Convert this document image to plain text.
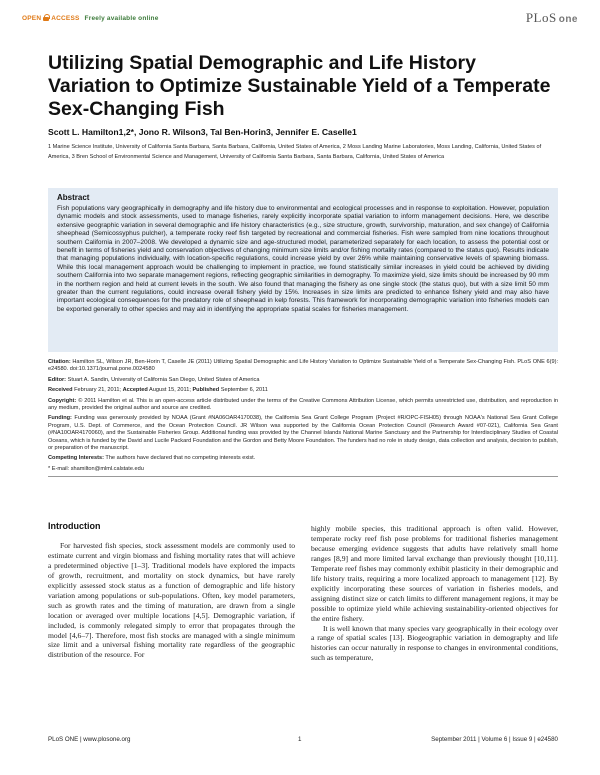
OPEN ACCESS Freely available online	PLoS one
Utilizing Spatial Demographic and Life History Variation to Optimize Sustainable Yield of a Temperate Sex-Changing Fish
Scott L. Hamilton1,2*, Jono R. Wilson3, Tal Ben-Horin3, Jennifer E. Caselle1
1 Marine Science Institute, University of California Santa Barbara, Santa Barbara, California, United States of America, 2 Moss Landing Marine Laboratories, Moss Landing, California, United States of America, 3 Bren School of Environmental Science and Management, University of California Santa Barbara, Santa Barbara, California, United States of America
Abstract

Fish populations vary geographically in demography and life history due to environmental and ecological processes and in response to exploitation. However, population dynamic models and stock assessments, used to manage fisheries, rarely explicitly incorporate spatial variation to inform management decisions. Here, we describe extensive geographic variation in several demographic and life history characteristics (e.g., size structure, growth, survivorship, maturation, and sex change) of California sheephead (Semicossyphus pulcher), a temperate rocky reef fish targeted by recreational and commercial fisheries. Fish were sampled from nine locations throughout southern California in 2007–2008. We developed a dynamic size and age-structured model, parameterized separately for each location, to assess the potential cost or benefit in terms of fisheries yield and conservation objectives of changing minimum size limits and/or fishing mortality rates (compared to the status quo). Results indicate that managing populations individually, with location-specific regulations, could increase yield by over 26% while maintaining conservative levels of spawning biomass. While this local management approach would be challenging to implement in practice, we found statistically similar increases in yield could be achieved by dividing southern California into two separate management regions, reflecting geographic similarities in demography. To maximize yield, size limits should be increased by 90 mm in the northern region and held at current levels in the south. We also found that managing the fishery as one single stock (the status quo), but with a size limit 50 mm greater than the current regulations, could increase overall fishery yield by 15%. Increases in size limits are predicted to enhance fishery yield and may also have important ecological consequences for the predatory role of sheephead in kelp forests. This framework for incorporating demographic variation into fisheries models can be exported generally to other species and may aid in identifying the appropriate spatial scales for fisheries management.

Citation: Hamilton SL, Wilson JR, Ben-Horin T, Caselle JE (2011) Utilizing Spatial Demographic and Life History Variation to Optimize Sustainable Yield of a Temperate Sex-Changing Fish. PLoS ONE 6(9): e24580. doi:10.1371/journal.pone.0024580

Editor: Stuart A. Sandin, University of California San Diego, United States of America

Received February 21, 2011; Accepted August 15, 2011; Published September 6, 2011

Copyright: © 2011 Hamilton et al. This is an open-access article distributed under the terms of the Creative Commons Attribution License, which permits unrestricted use, distribution, and reproduction in any medium, provided the original author and source are credited.

Funding: Funding was generously provided by NOAA (Grant #NA06OAR4170038), the California Sea Grant College Program (Project #R/OPC-FISH05) through NOAA's National Sea Grant College Program, U.S. Dept. of Commerce, and the Ocean Protection Council. JR Wilson was supported by the California Ocean Protection Council (Research Award #07-021), California Sea Grant (#NA10OAR4170060), and the Sustainable Fisheries Group. Additional funding was provided by the Channel Islands National Marine Sanctuary and the Partnership for Interdisciplinary Studies of Coastal Oceans, which is funded by the David and Lucile Packard Foundation and the Gordon and Betty Moore Foundation. The funders had no role in study design, data collection and analysis, decision to publish, or preparation of the manuscript.

Competing Interests: The authors have declared that no competing interests exist.

* E-mail: shamilton@mlml.calstate.edu

Introduction

For harvested fish species, stock assessment models are commonly used to estimate current and virgin biomass and fishing mortality rates that will achieve a predetermined objective [1–3]. Traditional models have explored the impacts of growth, recruitment, and mortality on stock dynamics, but have rarely explicitly assessed stock status as a function of demographic and life history variation among populations or sub-populations. Often, key model parameters, such as growth rates and the timing of maturation, are drawn from a single location or averaged over multiple locations [4,5]. Demographic variation, if included, is commonly relegated simply to error that propagates through the model [4,6–7]. Therefore, most fish stocks are managed with a single minimum size limit and a universal fishing mortality rate regardless of the geographic distribution of the resource. For

highly mobile species, this traditional approach is often valid. However, temperate rocky reef fish pose problems for traditional fisheries management because emerging evidence suggests that adults have relatively small home ranges [8,9] and more limited larval exchange than previously thought [10,11]. Temperate reef fishes may commonly exhibit plasticity in their demographic and life history traits, requiring a more localized approach to management [12]. By explicitly incorporating these sources of variation in fisheries models, and assigning distinct size or catch limits to different management regions, it may be possible to optimize yield while achieving sustainability-oriented objectives for the entire fishery.

It is well known that many species vary geographically in their ecology over a range of spatial scales [13]. Biogeographic variation in demography and life histories can occur naturally in response to changes in environmental conditions, such as temperature,

PLoS ONE | www.plosone.org	1	September 2011 | Volume 6 | Issue 9 | e24580
